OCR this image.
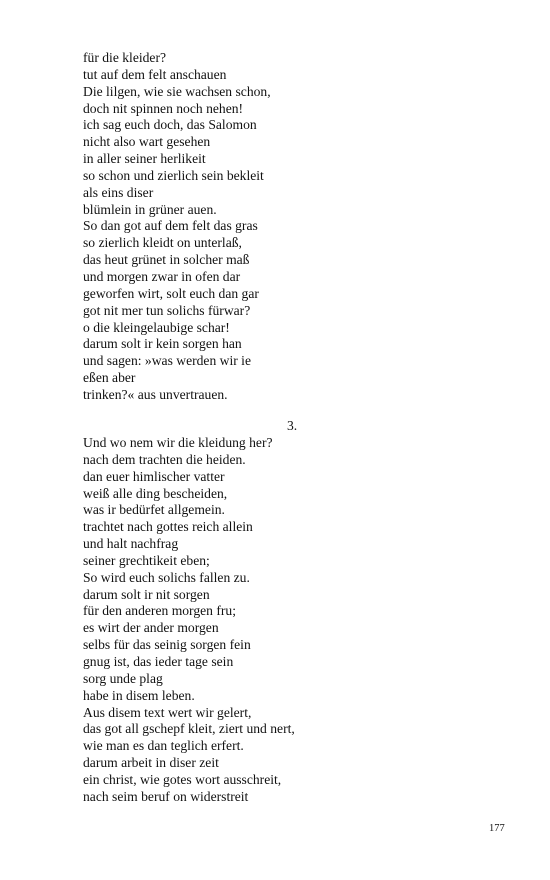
für die kleider?
tut auf dem felt anschauen
Die lilgen, wie sie wachsen schon,
doch nit spinnen noch nehen!
ich sag euch doch, das Salomon
nicht also wart gesehen
in aller seiner herlikeit
so schon und zierlich sein bekleit
als eins diser
blümlein in grüner auen.
So dan got auf dem felt das gras
so zierlich kleidt on unterlaß,
das heut grünet in solcher maß
und morgen zwar in ofen dar
geworfen wirt, solt euch dan gar
got nit mer tun solichs fürwar?
o die kleingelaubige schar!
darum solt ir kein sorgen han
und sagen: »was werden wir ie
eßen aber
trinken?« aus unvertrauen.
3.
Und wo nem wir die kleidung her?
nach dem trachten die heiden.
dan euer himlischer vatter
weiß alle ding bescheiden,
was ir bedürfet allgemein.
trachtet nach gottes reich allein
und halt nachfrag
seiner grechtikeit eben;
So wird euch solichs fallen zu.
darum solt ir nit sorgen
für den anderen morgen fru;
es wirt der ander morgen
selbs für das seinig sorgen fein
gnug ist, das ieder tage sein
sorg unde plag
habe in disem leben.
Aus disem text wert wir gelert,
das got all gschepf kleit, ziert und nert,
wie man es dan teglich erfert.
darum arbeit in diser zeit
ein christ, wie gotes wort ausschreit,
nach seim beruf on widerstreit
177
